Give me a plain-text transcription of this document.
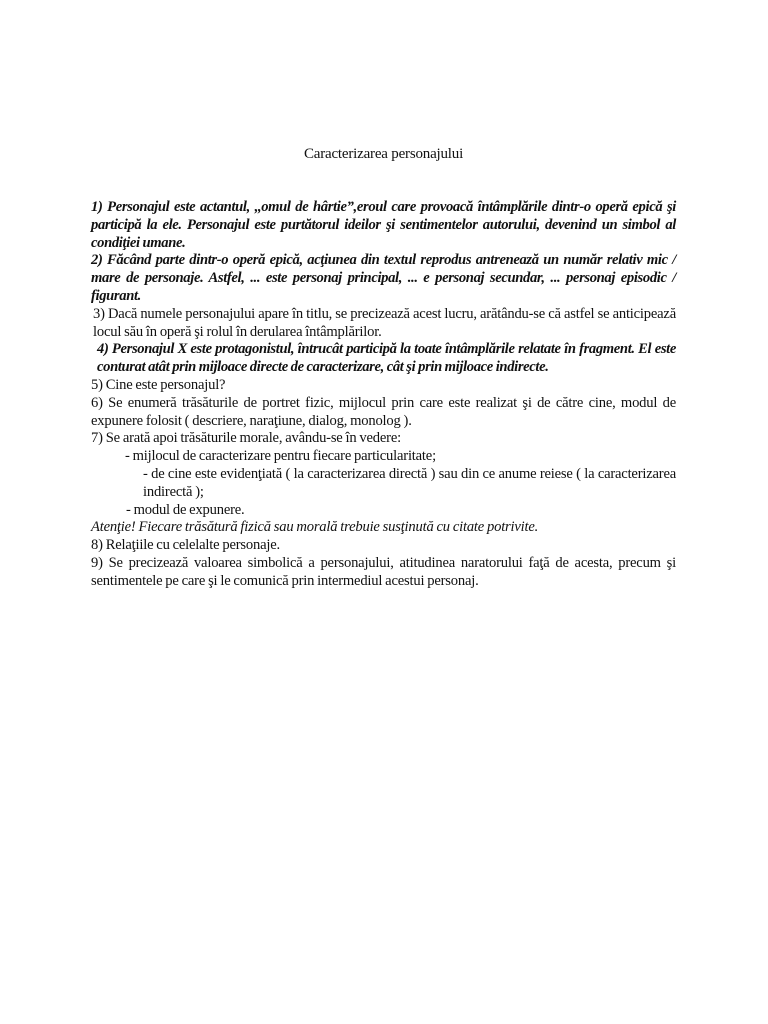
Caracterizarea personajului

1) Personajul este actantul, ,,omul de hârtie”,eroul care provoacă întâmplările dintr-o operă epică şi participă la ele. Personajul este purtătorul ideilor şi sentimentelor autorului, devenind un simbol al condiţiei umane.

2) Făcând parte dintr-o operă epică, acţiunea din textul reprodus antrenează un număr relativ mic / mare de personaje. Astfel, ... este personaj principal, ... e personaj secundar, ... personaj episodic / figurant.

3) Dacă numele personajului apare în titlu, se precizează acest lucru, arătându-se că astfel se anticipează locul său în operă şi rolul în derularea întâmplărilor.

4) Personajul X este protagonistul, întrucât participă la toate întâmplările relatate în fragment. El este conturat atât prin mijloace directe de caracterizare, cât şi prin mijloace indirecte.

5) Cine este personajul?

6) Se enumeră trăsăturile de portret fizic, mijlocul prin care este realizat şi de către cine, modul de expunere folosit ( descriere, naraţiune, dialog, monolog ).

7) Se arată apoi trăsăturile morale, avându-se în vedere:

- mijlocul de caracterizare pentru fiecare particularitate;

- de cine este evidenţiată ( la caracterizarea directă ) sau din ce anume reiese ( la caracterizarea indirectă );

- modul de expunere.

Atenţie! Fiecare trăsătură fizică sau morală trebuie susţinută cu citate potrivite.

8) Relaţiile cu celelalte personaje.

9) Se precizează valoarea simbolică a personajului, atitudinea naratorului faţă de acesta, precum şi sentimentele pe care şi le comunică prin intermediul acestui personaj.
